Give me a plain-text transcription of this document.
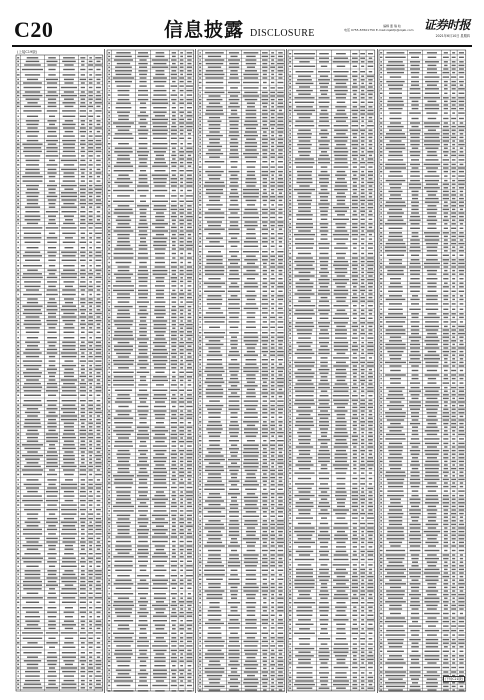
C20	信息披露 DISCLOSURE
编辑 董 瑞 晗
电话 0755-83501750 E-mail:zqsbfp@zqsb.com 证券时报
2021年6月10日 星期四
(上接C19版)
(下转C21版)
